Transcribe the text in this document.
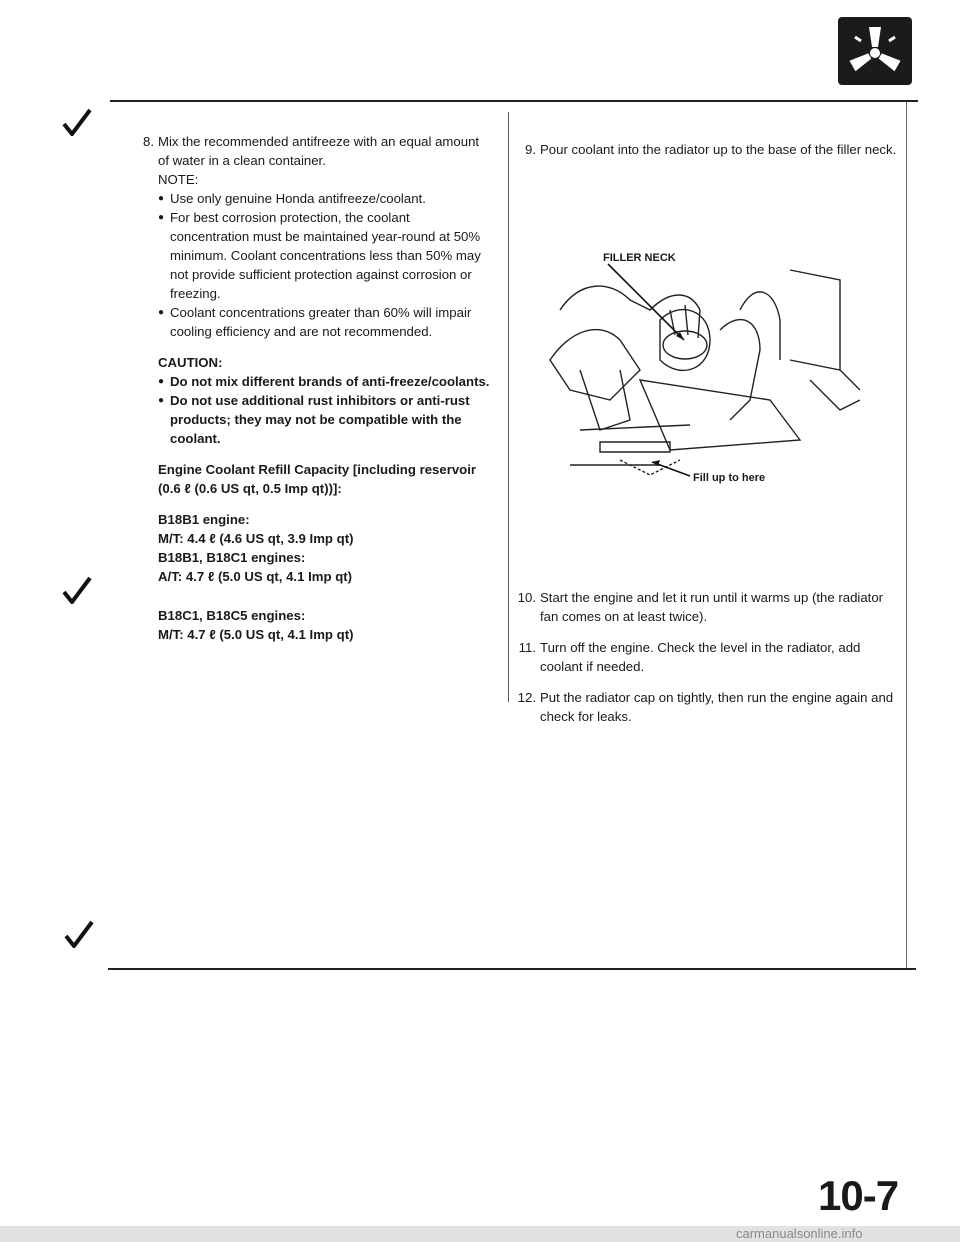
8. Mix the recommended antifreeze with an equal amount of water in a clean container.

NOTE:

● Use only genuine Honda antifreeze/coolant.

● For best corrosion protection, the coolant concentration must be maintained year-round at 50% minimum. Coolant concentrations less than 50% may not provide sufficient protection against corrosion or freezing.

● Coolant concentrations greater than 60% will impair cooling efficiency and are not recommended.

CAUTION:

● Do not mix different brands of anti-freeze/coolants.

● Do not use additional rust inhibitors or anti-rust products; they may not be compatible with the coolant.

Engine Coolant Refill Capacity [including reservoir (0.6 ℓ (0.6 US qt, 0.5 Imp qt))]:

B18B1 engine:

M/T: 4.4 ℓ (4.6 US qt, 3.9 Imp qt)

B18B1, B18C1 engines:

A/T: 4.7 ℓ (5.0 US qt, 4.1 Imp qt)

B18C1, B18C5 engines:

M/T: 4.7 ℓ (5.0 US qt, 4.1 Imp qt)

9. Pour coolant into the radiator up to the base of the filler neck.

FILLER NECK
Fill up to here
10. Start the engine and let it run until it warms up (the radiator fan comes on at least twice).

11. Turn off the engine. Check the level in the radiator, add coolant if needed.

12. Put the radiator cap on tightly, then run the engine again and check for leaks.

10-7
carmanualsonline.info
